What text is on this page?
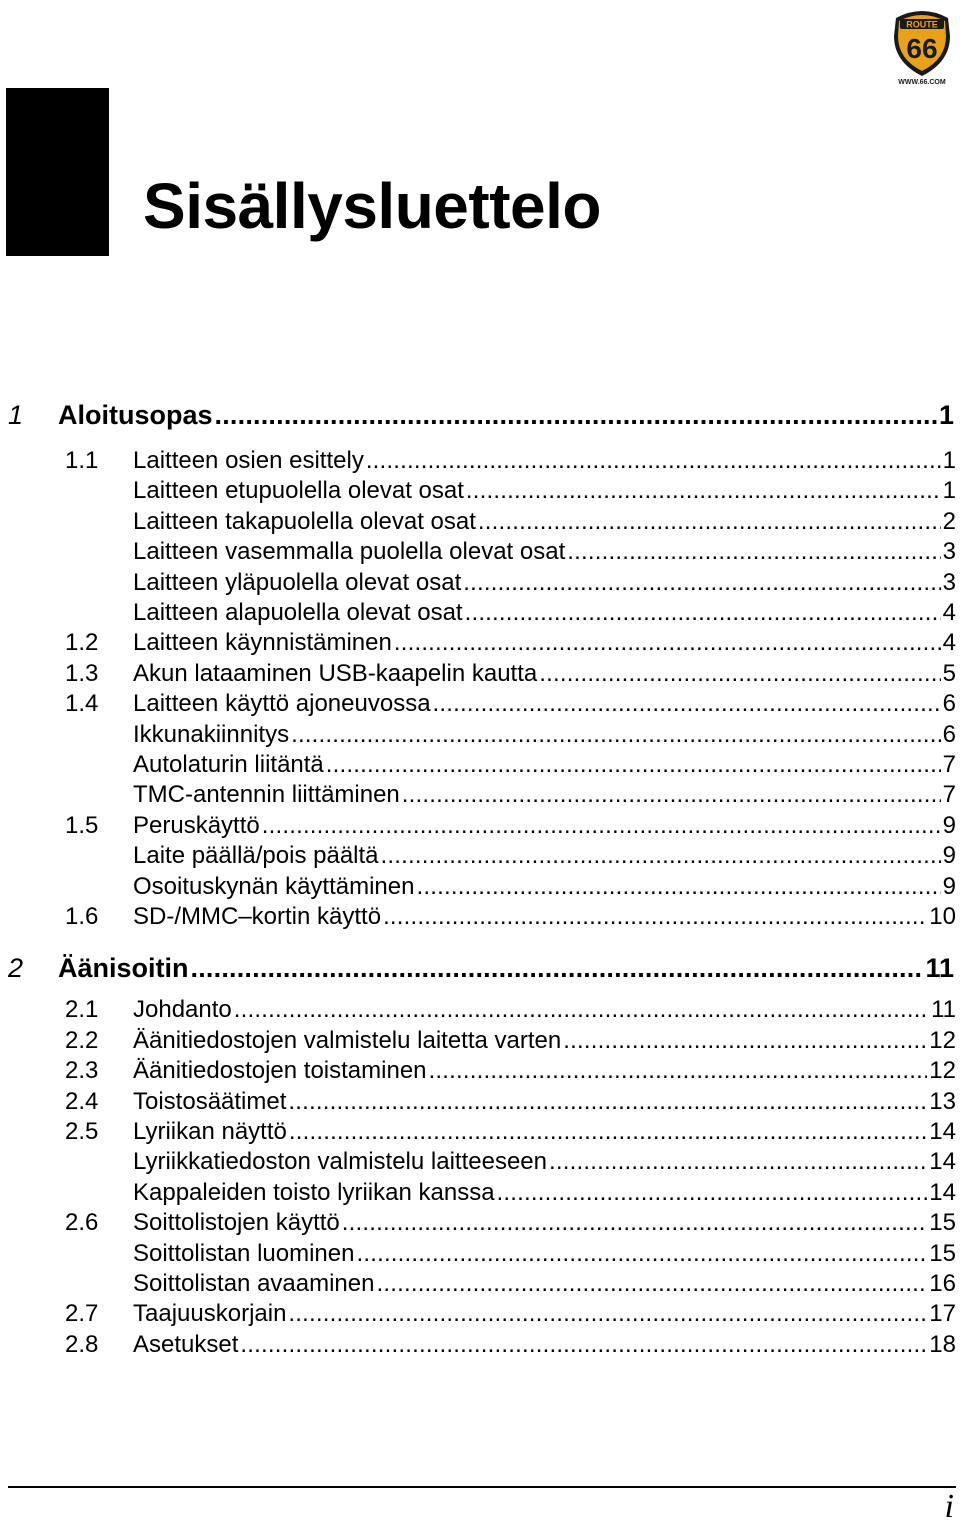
Sisällysluettelo
ROUTE
66
WWW.66.COM
1	Aloitusopas .....	1
1.1	Laitteen osien esittely .....	1
Laitteen etupuolella olevat osat .....	1
Laitteen takapuolella olevat osat .....	2
Laitteen vasemmalla puolella olevat osat .....	3
Laitteen yläpuolella olevat osat .....	3
Laitteen alapuolella olevat osat .....	4
1.2	Laitteen käynnistäminen .....	4
1.3	Akun lataaminen USB-kaapelin kautta .....	5
1.4	Laitteen käyttö ajoneuvossa .....	6
Ikkunakiinnitys .....	6
Autolaturin liitäntä .....	7
TMC-antennin liittäminen .....	7
1.5	Peruskäyttö .....	9
Laite päällä/pois päältä .....	9
Osoituskynän käyttäminen .....	9
1.6	SD-/MMC–kortin käyttö .....	10
2	Äänisoitin .....	11
2.1	Johdanto .....	11
2.2	Äänitiedostojen valmistelu laitetta varten .....	12
2.3	Äänitiedostojen toistaminen .....	12
2.4	Toistosäätimet .....	13
2.5	Lyriikan näyttö .....	14
Lyriikkatiedoston valmistelu laitteeseen .....	14
Kappaleiden toisto lyriikan kanssa .....	14
2.6	Soittolistojen käyttö .....	15
Soittolistan luominen .....	15
Soittolistan avaaminen .....	16
2.7	Taajuuskorjain .....	17
2.8	Asetukset .....	18
i
